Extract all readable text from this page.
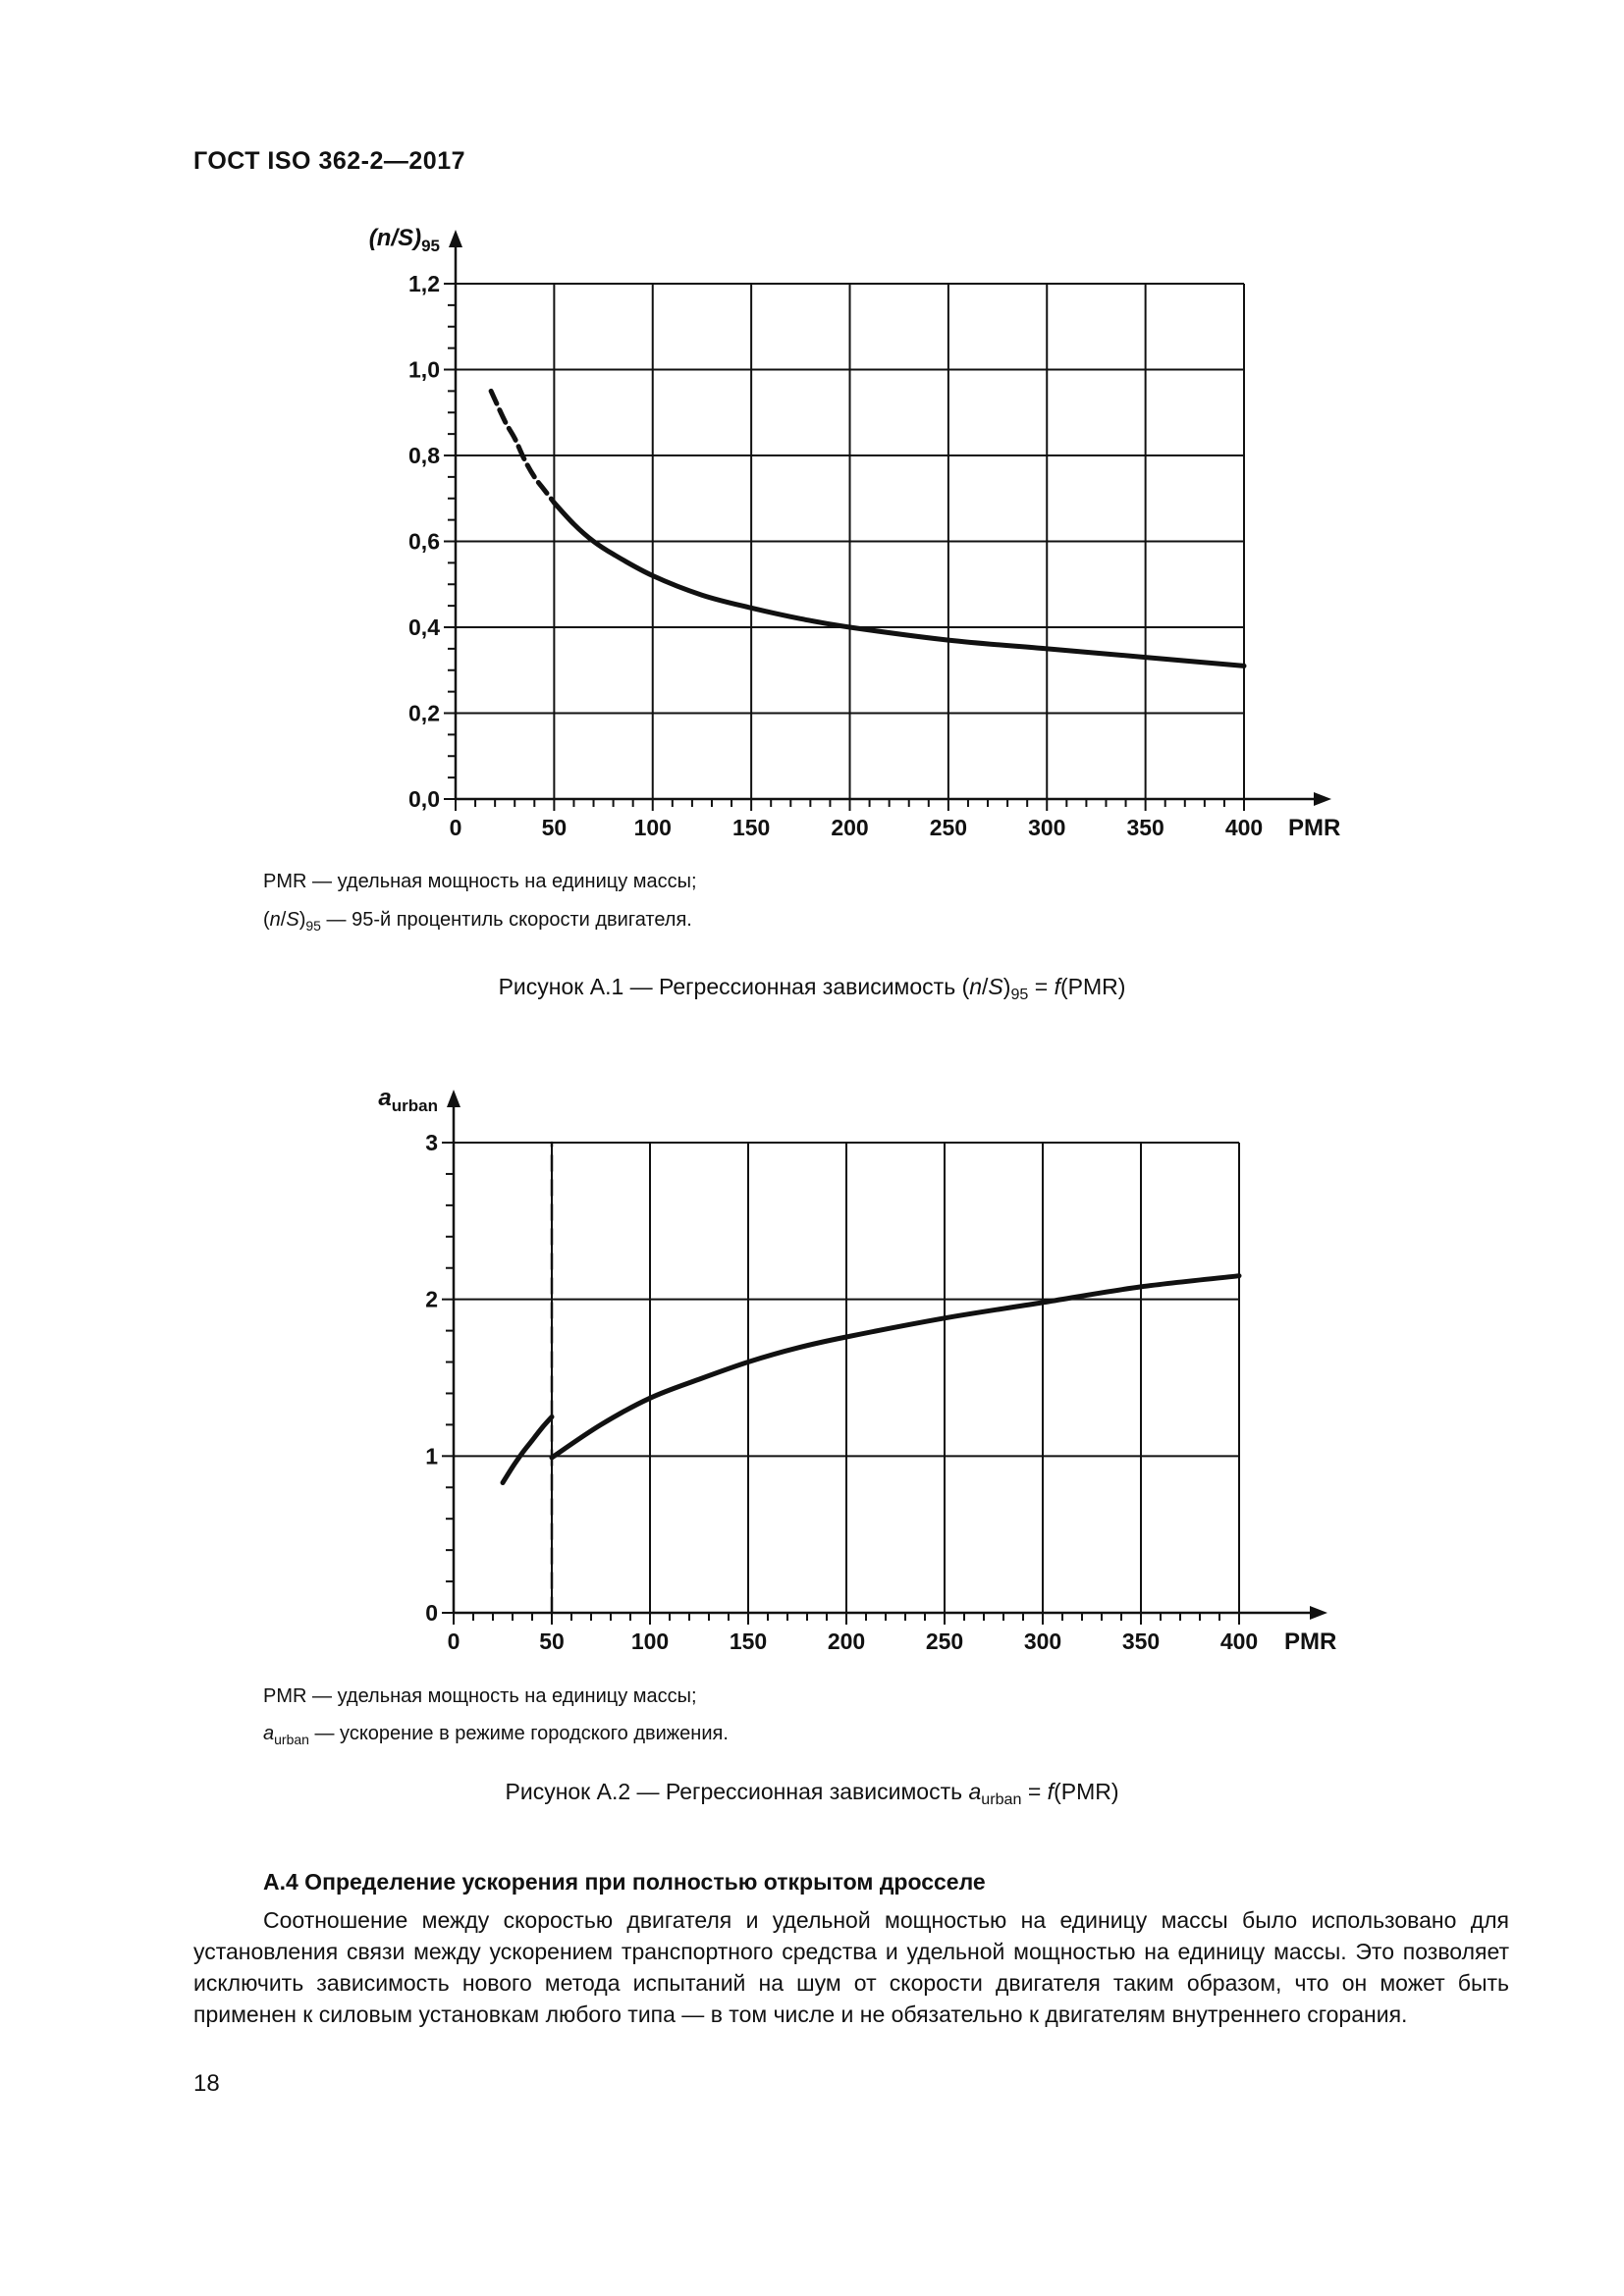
ГОСТ ISO 362-2—2017
0	50	100	150	200	250	300	350	400
0,0
0,2
0,4
0,6
0,8
1,0
1,2
PMR
$(n/S)_{95}$
PMR — удельная мощность на единицу массы;
$(n/S)_{95}$ — 95-й процентиль скорости двигателя.
Рисунок А.1 — Регрессионная зависимость $(n/S)_{95} = f(PMR)$
0	50	100	150	200	250	300	350	400
0
1
2
3
PMR
$a_{urban}$
PMR — удельная мощность на единицу массы;
$a_{urban}$ — ускорение в режиме городского движения.
Рисунок А.2 — Регрессионная зависимость $a_{urban} = f(PMR)$
А.4 Определение ускорения при полностью открытом дросселе
Соотношение между скоростью двигателя и удельной мощностью на единицу массы было использовано для установления связи между ускорением транспортного средства и удельной мощностью на единицу массы. Это позволяет исключить зависимость нового метода испытаний на шум от скорости двигателя таким образом, что он может быть применен к силовым установкам любого типа — в том числе и не обязательно к двигателям внутреннего сгорания.
18
